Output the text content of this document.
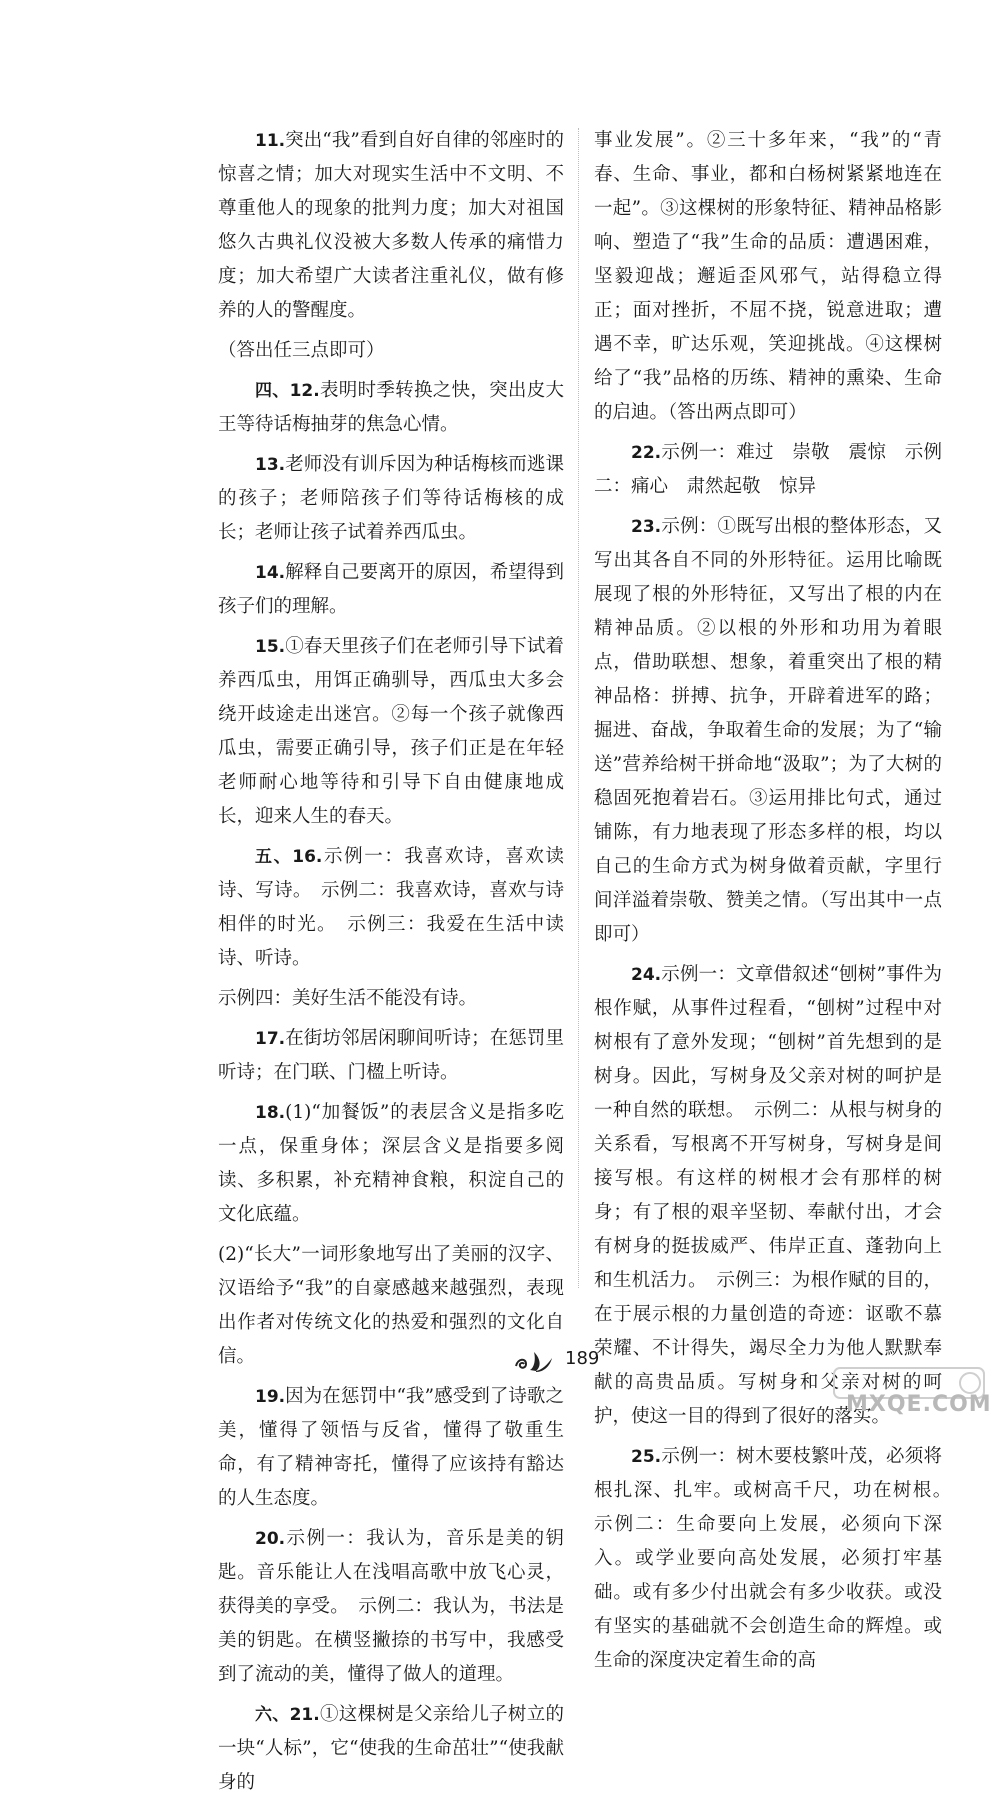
11.突出“我”看到自好自律的邻座时的惊喜之情；加大对现实生活中不文明、不尊重他人的现象的批判力度；加大对祖国悠久古典礼仪没被大多数人传承的痛惜力度；加大希望广大读者注重礼仪，做有修养的人的警醒度。

（答出任三点即可）

四、12.表明时季转换之快，突出皮大王等待话梅抽芽的焦急心情。

13.老师没有训斥因为种话梅核而逃课的孩子；老师陪孩子们等待话梅核的成长；老师让孩子试着养西瓜虫。

14.解释自己要离开的原因，希望得到孩子们的理解。

15.①春天里孩子们在老师引导下试着养西瓜虫，用饵正确驯导，西瓜虫大多会绕开歧途走出迷宫。②每一个孩子就像西瓜虫，需要正确引导，孩子们正是在年轻老师耐心地等待和引导下自由健康地成长，迎来人生的春天。

五、16.示例一：我喜欢诗，喜欢读诗、写诗。　示例二：我喜欢诗，喜欢与诗相伴的时光。　示例三：我爱在生活中读诗、听诗。

示例四：美好生活不能没有诗。

17.在街坊邻居闲聊间听诗；在惩罚里听诗；在门联、门楹上听诗。

18.(1)“加餐饭”的表层含义是指多吃一点，保重身体；深层含义是指要多阅读、多积累，补充精神食粮，积淀自己的文化底蕴。

(2)“长大”一词形象地写出了美丽的汉字、汉语给予“我”的自豪感越来越强烈，表现出作者对传统文化的热爱和强烈的文化自信。

19.因为在惩罚中“我”感受到了诗歌之美，懂得了领悟与反省，懂得了敬重生命，有了精神寄托，懂得了应该持有豁达的人生态度。

20.示例一：我认为，音乐是美的钥匙。音乐能让人在浅唱高歌中放飞心灵，获得美的享受。　示例二：我认为，书法是美的钥匙。在横竖撇捺的书写中，我感受到了流动的美，懂得了做人的道理。

六、21.①这棵树是父亲给儿子树立的一块“人标”，它“使我的生命茁壮”“使我献身的

事业发展”。②三十多年来，“我”的“青春、生命、事业，都和白杨树紧紧地连在一起”。③这棵树的形象特征、精神品格影响、塑造了“我”生命的品质：遭遇困难，坚毅迎战；邂逅歪风邪气，站得稳立得正；面对挫折，不屈不挠，锐意进取；遭遇不幸，旷达乐观，笑迎挑战。④这棵树给了“我”品格的历练、精神的熏染、生命的启迪。（答出两点即可）

22.示例一：难过　崇敬　震惊　示例二：痛心　肃然起敬　惊异

23.示例：①既写出根的整体形态，又写出其各自不同的外形特征。运用比喻既展现了根的外形特征，又写出了根的内在精神品质。②以根的外形和功用为着眼点，借助联想、想象，着重突出了根的精神品格：拼搏、抗争，开辟着进军的路；掘进、奋战，争取着生命的发展；为了“输送”营养给树干拼命地“汲取”；为了大树的稳固死抱着岩石。③运用排比句式，通过铺陈，有力地表现了形态多样的根，均以自己的生命方式为树身做着贡献，字里行间洋溢着崇敬、赞美之情。（写出其中一点即可）

24.示例一：文章借叙述“刨树”事件为根作赋，从事件过程看，“刨树”过程中对树根有了意外发现；“刨树”首先想到的是树身。因此，写树身及父亲对树的呵护是一种自然的联想。　示例二：从根与树身的关系看，写根离不开写树身，写树身是间接写根。有这样的树根才会有那样的树身；有了根的艰辛坚韧、奉献付出，才会有树身的挺拔威严、伟岸正直、蓬勃向上和生机活力。　示例三：为根作赋的目的，在于展示根的力量创造的奇迹：讴歌不慕荣耀、不计得失，竭尽全力为他人默默奉献的高贵品质。写树身和父亲对树的呵护，使这一目的得到了很好的落实。

25.示例一：树木要枝繁叶茂，必须将根扎深、扎牢。或树高千尺，功在树根。　示例二：生命要向上发展，必须向下深入。或学业要向高处发展，必须打牢基础。或有多少付出就会有多少收获。或没有坚实的基础就不会创造生命的辉煌。或生命的深度决定着生命的高

189
MXQE.COM
